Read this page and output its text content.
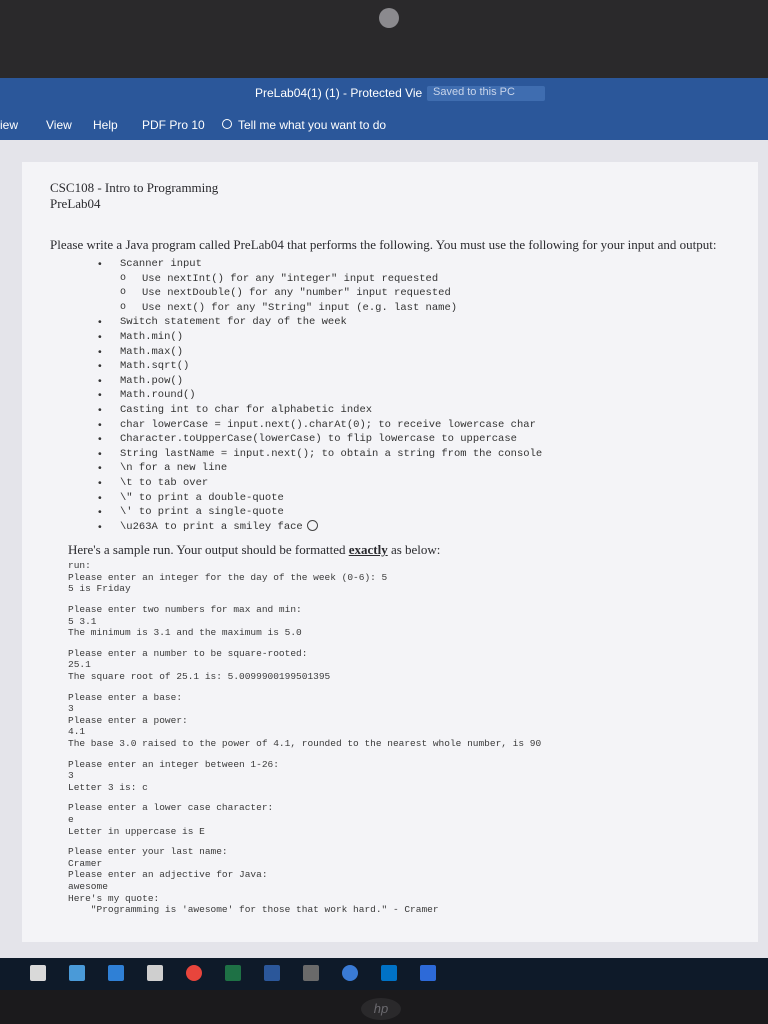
PreLab04(1) (1) - Protected Vie Saved to this PC
iew View Help PDF Pro 10	Tell me what you want to do

CSC108 - Intro to Programming

PreLab04

Please write a Java program called PreLab04 that performs the following. You must use the following for your input and output:

• Scanner input
o Use nextInt() for any "integer" input requested
o Use nextDouble() for any "number" input requested
o Use next() for any "String" input (e.g. last name)
• Switch statement for day of the week
• Math.min()
• Math.max()
• Math.sqrt()
• Math.pow()
• Math.round()
• Casting int to char for alphabetic index
• char lowerCase = input.next().charAt(0); to receive lowercase char
• Character.toUpperCase(lowerCase) to flip lowercase to uppercase
• String lastName = input.next(); to obtain a string from the console
• \n for a new line
• \t to tab over
• \" to print a double-quote
• \' to print a single-quote
• \u263A to print a smiley face

Here's a sample run. Your output should be formatted exactly as below:

run:
Please enter an integer for the day of the week (0-6): 5
5 is Friday
Please enter two numbers for max and min:
5 3.1
The minimum is 3.1 and the maximum is 5.0
Please enter a number to be square-rooted:
25.1
The square root of 25.1 is: 5.0099900199501395
Please enter a base:
3
Please enter a power:
4.1
The base 3.0 raised to the power of 4.1, rounded to the nearest whole number, is 90
Please enter an integer between 1-26:
3
Letter 3 is: c
Please enter a lower case character:
e
Letter in uppercase is E
Please enter your last name:
Cramer
Please enter an adjective for Java:
awesome
Here's my quote:
"Programming is 'awesome' for those that work hard." - Cramer
hp
